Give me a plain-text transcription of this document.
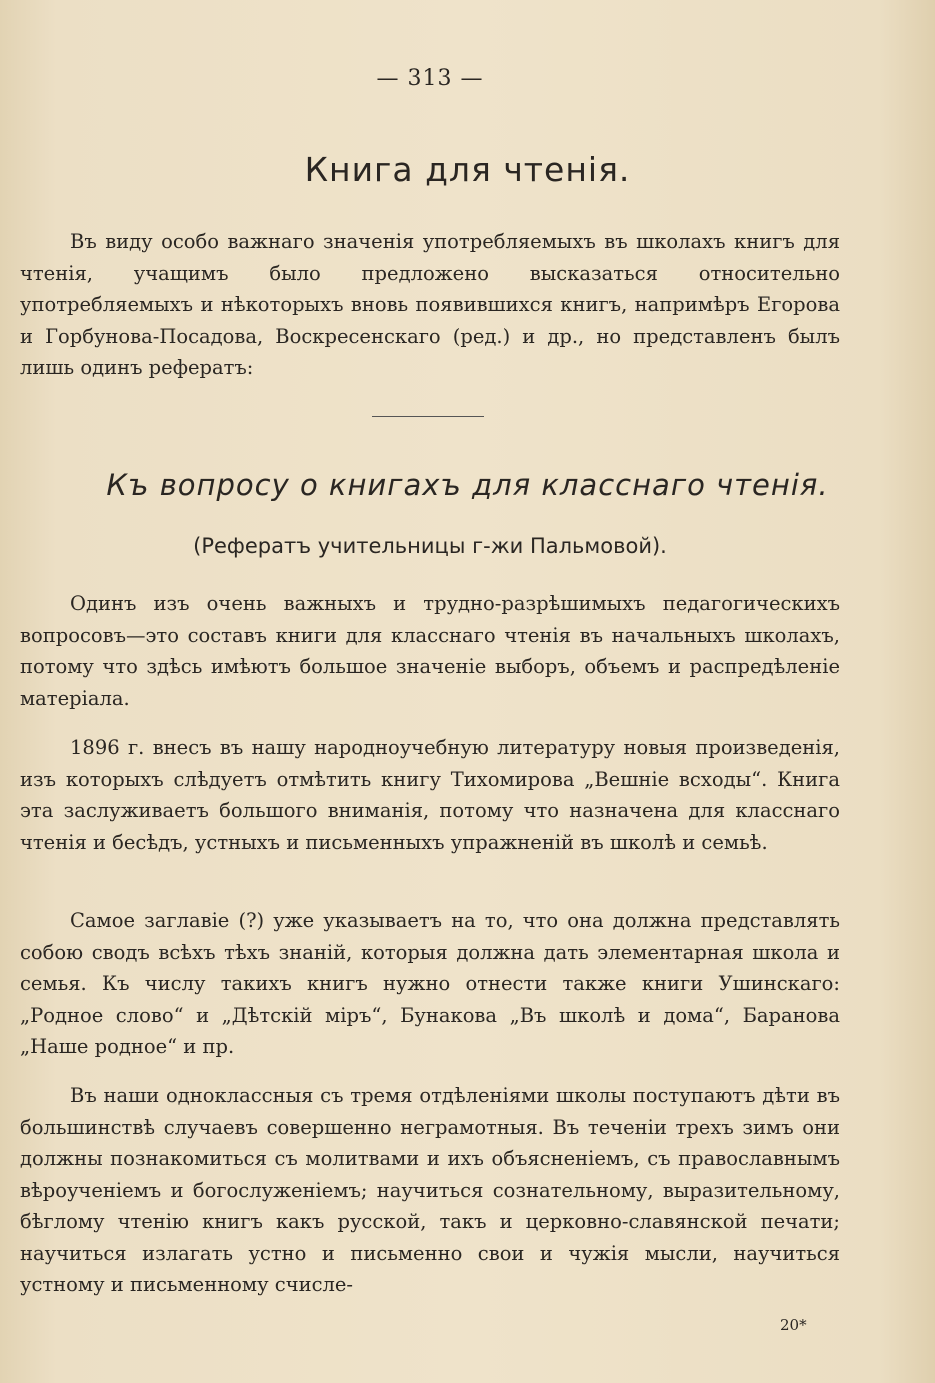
— 313 —
Книга для чтенія.

Въ виду особо важнаго значенія употребляемыхъ въ школахъ книгъ для чтенія, учащимъ было предложено высказаться относительно употребляемыхъ и нѣкоторыхъ вновь появившихся книгъ, напримѣръ Егорова и Горбунова-Посадова, Воскресенскаго (ред.) и др., но представленъ былъ лишь одинъ рефератъ:

Къ вопросу о книгахъ для класснаго чтенія.
(Рефератъ учительницы г-жи Пальмовой).

Одинъ изъ очень важныхъ и трудно-разрѣшимыхъ педагогическихъ вопросовъ—это составъ книги для класснаго чтенія въ начальныхъ школахъ, потому что здѣсь имѣютъ большое значеніе выборъ, объемъ и распредѣленіе матеріала.

1896 г. внесъ въ нашу народноучебную литературу новыя произведенія, изъ которыхъ слѣдуетъ отмѣтить книгу Тихомирова „Вешніе всходы“. Книга эта заслуживаетъ большого вниманія, потому что назначена для класснаго чтенія и бесѣдъ, устныхъ и письменныхъ упражненій въ школѣ и семьѣ.

Самое заглавіе (?) уже указываетъ на то, что она должна представлять собою сводъ всѣхъ тѣхъ знаній, которыя должна дать элементарная школа и семья. Къ числу такихъ книгъ нужно отнести также книги Ушинскаго: „Родное слово“ и „Дѣтскій міръ“, Бунакова „Въ школѣ и дома“, Баранова „Наше родное“ и пр.

Въ наши одноклассныя съ тремя отдѣленіями школы поступаютъ дѣти въ большинствѣ случаевъ совершенно неграмотныя. Въ теченіи трехъ зимъ они должны познакомиться съ молитвами и ихъ объясненіемъ, съ православнымъ вѣроученіемъ и богослуженіемъ; научиться сознательному, выразительному, бѣглому чтенію книгъ какъ русской, такъ и церковно-славянской печати; научиться излагать устно и письменно свои и чужія мысли, научиться устному и письменному счисле-

20*
